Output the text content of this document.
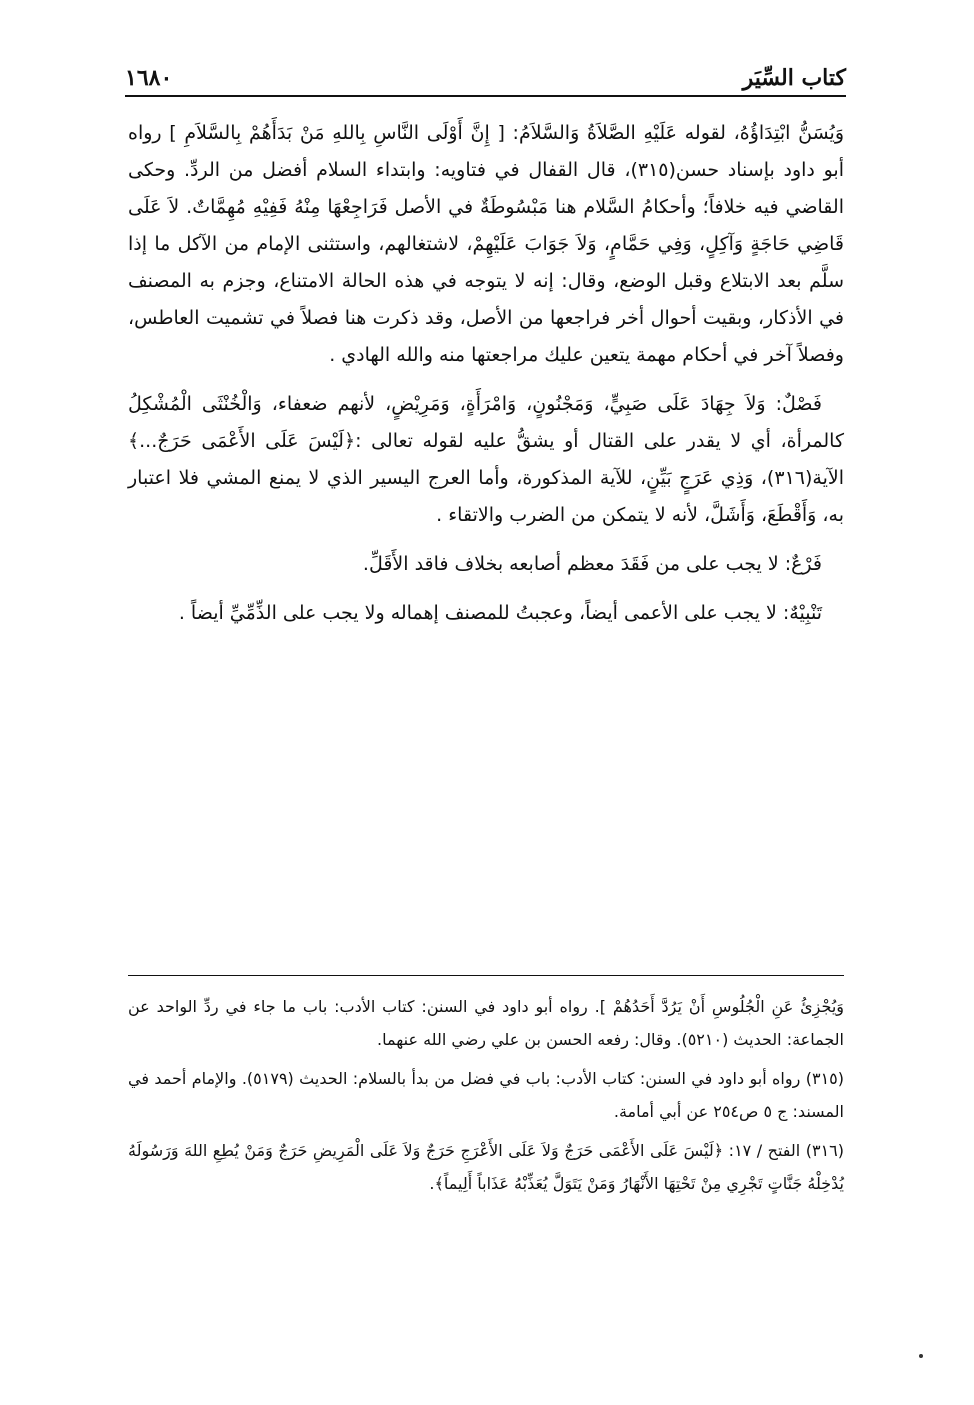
كتاب السِّيَر
١٦٨٠

وَيُسَنُّ ابْتِدَاؤُهُ، لقوله عَلَيْهِ الصَّلاَةُ وَالسَّلاَمُ: [ إِنَّ أَوْلَى النَّاسِ بِاللهِ مَنْ بَدَأَهُمْ بِالسَّلاَمِ ] رواه أبو داود بإسناد حسن(٣١٥)، قال القفال في فتاويه: وابتداء السلام أفضل من الردِّ. وحكى القاضي فيه خلافاً؛ وأحكامُ السَّلام هنا مَبْسُوطَةٌ في الأصل فَرَاجِعْهَا مِنْهُ فَفِيْهِ مُهِمَّاتٌ. لاَ عَلَى قَاضِي حَاجَةٍ وَآكِلٍ، وَفِي حَمَّامٍ، وَلاَ جَوَابَ عَلَيْهِمْ، لاشتغالهم، واستثنى الإمام من الآكل ما إذا سلَّم بعد الابتلاع وقبل الوضع، وقال: إنه لا يتوجه في هذه الحالة الامتناع، وجزم به المصنف في الأذكار، وبقيت أحوال أخر فراجعها من الأصل، وقد ذكرت هنا فصلاً في تشميت العاطس، وفصلاً آخر في أحكام مهمة يتعين عليك مراجعتها منه والله الهادي .

فَصْلٌ: وَلاَ جِهَادَ عَلَى صَبِيٍّ، وَمَجْنُونٍ، وَامْرَأَةٍ، وَمَرِيْضٍ، لأنهم ضعفاء، وَالْخُنْثَى الْمُشْكِلُ كالمرأة، أي لا يقدر على القتال أو يشقُّ عليه لقوله تعالى :﴿لَيْسَ عَلَى الأَعْمَى حَرَجٌ...﴾ الآية(٣١٦)، وَذِي عَرَجٍ بَيِّنٍ، للآية المذكورة، وأما العرج اليسير الذي لا يمنع المشي فلا اعتبار به، وَأَقْطَعَ، وَأَشَلَّ، لأنه لا يتمكن من الضرب والاتقاء .

فَرْعٌ: لا يجب على من فَقَدَ معظم أصابعه بخلاف فاقد الأَقَلِّ.

تَنْبِيْهٌ: لا يجب على الأعمى أيضاً، وعجبتُ للمصنف إهماله ولا يجب على الذِّمِّيِّ أيضاً .

وَيُجْزِئُ عَنِ الْجُلُوسِ أَنْ يَرُدَّ أَحَدُهُمْ ]. رواه أبو داود في السنن: كتاب الأدب: باب ما جاء في ردِّ الواحد عن الجماعة: الحديث (٥٢١٠). وقال: رفعه الحسن بن علي رضي الله عنهما.

(٣١٥) رواه أبو داود في السنن: كتاب الأدب: باب في فضل من بدأ بالسلام: الحديث (٥١٧٩). والإمام أحمد في المسند: ج ٥ ص٢٥٤ عن أبي أمامة.

(٣١٦) الفتح / ١٧: ﴿لَيْسَ عَلَى الأَعْمَى حَرَجٌ وَلاَ عَلَى الأَعْرَجِ حَرَجٌ وَلاَ عَلَى الْمَرِيضِ حَرَجٌ وَمَنْ يُطِعِ اللهَ وَرَسُولَهُ يُدْخِلْهُ جَنَّاتٍ تَجْرِي مِنْ تَحْتِهَا الأَنْهَارُ وَمَنْ يَتَوَلَّ يُعَذِّبْهُ عَذَاباً أَلِيماً﴾.
